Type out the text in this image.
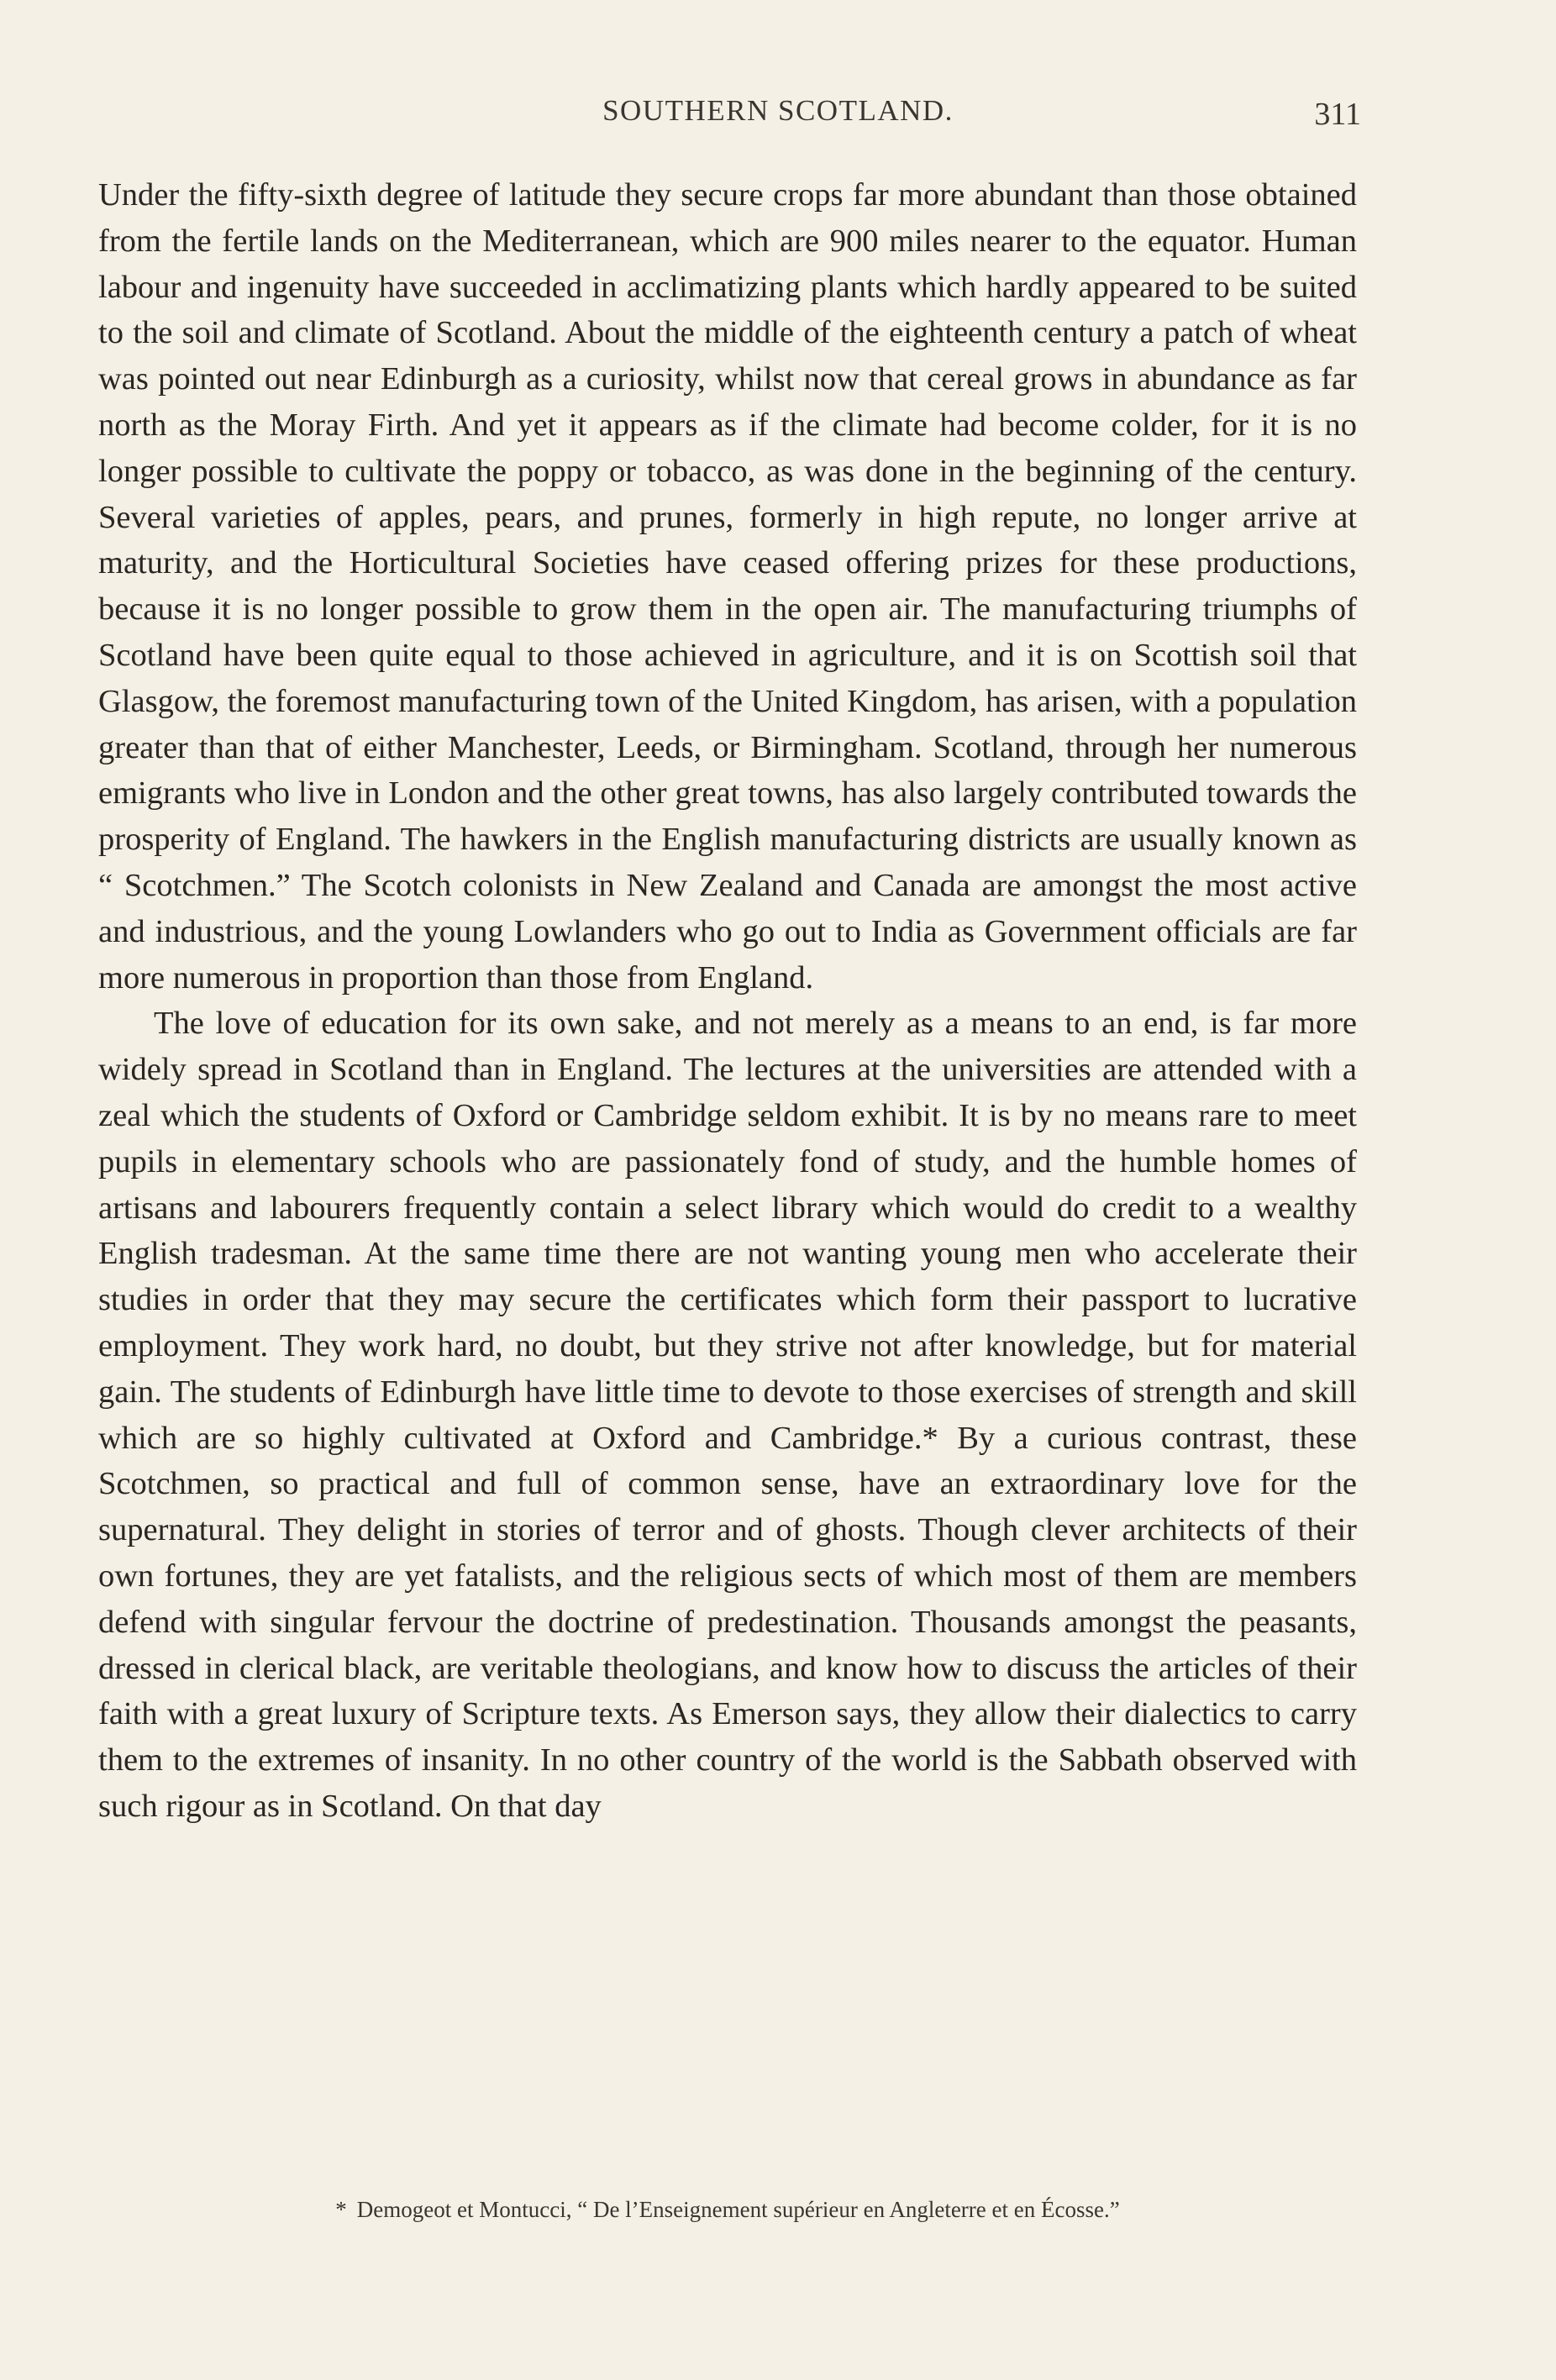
SOUTHERN SCOTLAND.	311

Under the fifty-sixth degree of latitude they secure crops far more abundant than those obtained from the fertile lands on the Mediterranean, which are 900 miles nearer to the equator. Human labour and ingenuity have succeeded in acclimatizing plants which hardly appeared to be suited to the soil and climate of Scotland. About the middle of the eighteenth century a patch of wheat was pointed out near Edinburgh as a curiosity, whilst now that cereal grows in abundance as far north as the Moray Firth. And yet it appears as if the climate had become colder, for it is no longer possible to cultivate the poppy or tobacco, as was done in the beginning of the century. Several varieties of apples, pears, and prunes, formerly in high repute, no longer arrive at maturity, and the Horticultural Societies have ceased offering prizes for these productions, because it is no longer possible to grow them in the open air. The manufacturing triumphs of Scotland have been quite equal to those achieved in agriculture, and it is on Scottish soil that Glasgow, the foremost manufacturing town of the United Kingdom, has arisen, with a population greater than that of either Manchester, Leeds, or Birmingham. Scotland, through her numerous emigrants who live in London and the other great towns, has also largely contributed towards the prosperity of England. The hawkers in the English manufacturing districts are usually known as “ Scotchmen.” The Scotch colonists in New Zealand and Canada are amongst the most active and industrious, and the young Lowlanders who go out to India as Government officials are far more numerous in proportion than those from England.

The love of education for its own sake, and not merely as a means to an end, is far more widely spread in Scotland than in England. The lectures at the universities are attended with a zeal which the students of Oxford or Cambridge seldom exhibit. It is by no means rare to meet pupils in elementary schools who are passionately fond of study, and the humble homes of artisans and labourers frequently contain a select library which would do credit to a wealthy English tradesman. At the same time there are not wanting young men who accelerate their studies in order that they may secure the certificates which form their passport to lucrative employment. They work hard, no doubt, but they strive not after knowledge, but for material gain. The students of Edinburgh have little time to devote to those exercises of strength and skill which are so highly cultivated at Oxford and Cambridge.* By a curious contrast, these Scotchmen, so practical and full of common sense, have an extraordinary love for the supernatural. They delight in stories of terror and of ghosts. Though clever architects of their own fortunes, they are yet fatalists, and the religious sects of which most of them are members defend with singular fervour the doctrine of predestination. Thousands amongst the peasants, dressed in clerical black, are veritable theologians, and know how to discuss the articles of their faith with a great luxury of Scripture texts. As Emerson says, they allow their dialectics to carry them to the extremes of insanity. In no other country of the world is the Sabbath observed with such rigour as in Scotland. On that day

* Demogeot et Montucci, “ De l’Enseignement supérieur en Angleterre et en Écosse.”
